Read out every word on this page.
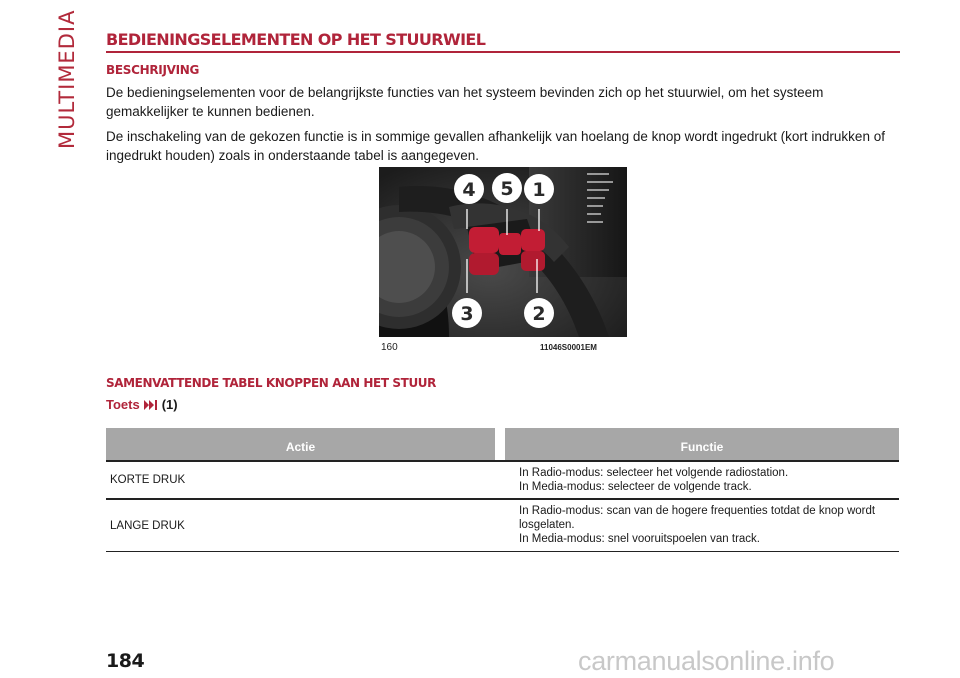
MULTIMEDIA BEDIENINGSELEMENTEN OP HET STUURWIEL
BESCHRIJVING

De bedieningselementen voor de belangrijkste functies van het systeem bevinden zich op het stuurwiel, om het systeem gemakkelijker te kunnen bedienen.

De inschakeling van de gekozen functie is in sommige gevallen afhankelijk van hoelang de knop wordt ingedrukt (kort indrukken of ingedrukt houden) zoals in onderstaande tabel is aangegeven.

4 5 1
3	2
160	11046S0001EM
SAMENVATTENDE TABEL KNOPPEN AAN HET STUUR
Toets (1)
Actie	Functie
KORTE DRUK
In Radio-modus: selecteer het volgende radiostation.
In Media-modus: selecteer de volgende track.
LANGE DRUK
In Radio-modus: scan van de hogere frequenties totdat de knop wordt losgelaten.
In Media-modus: snel vooruitspoelen van track.
184	carmanualsonline.info
